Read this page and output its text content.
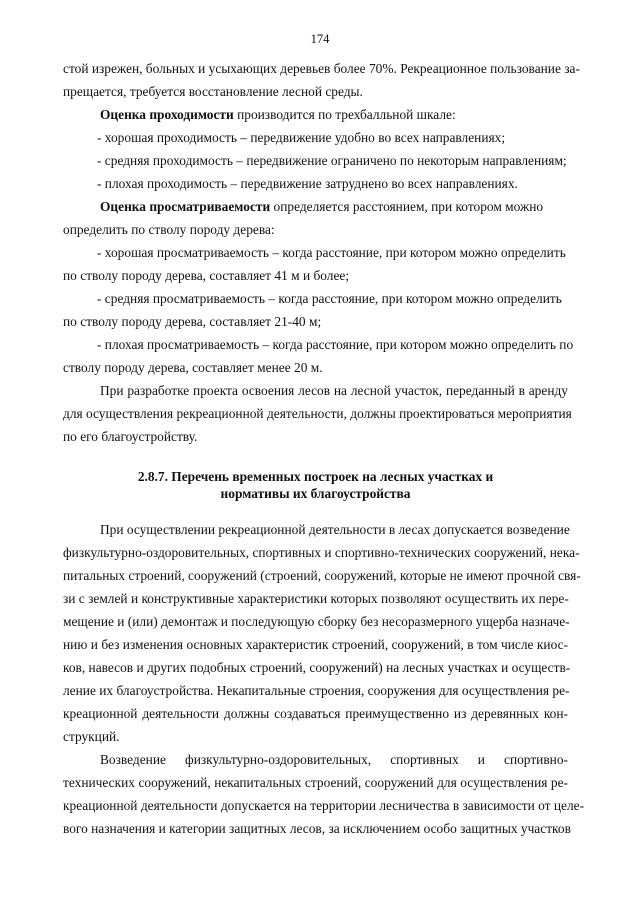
174
стой изрежен, больных и усыхающих деревьев более 70%. Рекреационное пользование за-
прещается, требуется восстановление лесной среды.
Оценка проходимости производится по трехбалльной шкале:
- хорошая проходимость – передвижение удобно во всех направлениях;
- средняя проходимость – передвижение ограничено по некоторым направлениям;
- плохая проходимость – передвижение затруднено во всех направлениях.
Оценка просматриваемости определяется расстоянием, при котором можно
определить по стволу породу дерева:
- хорошая просматриваемость – когда расстояние, при котором можно определить
по стволу породу дерева, составляет 41 м и более;
- средняя просматриваемость – когда расстояние, при котором можно определить
по стволу породу дерева, составляет 21-40 м;
- плохая просматриваемость – когда расстояние, при котором можно определить по
стволу породу дерева, составляет менее 20 м.
При разработке проекта освоения лесов на лесной участок, переданный в аренду
для осуществления рекреационной деятельности, должны проектироваться мероприятия
по его благоустройству.
2.8.7. Перечень временных построек на лесных участках и
нормативы их благоустройства
При осуществлении рекреационной деятельности в лесах допускается возведение
физкультурно-оздоровительных, спортивных и спортивно-технических сооружений, нека-
питальных строений, сооружений (строений, сооружений, которые не имеют прочной свя-
зи с землей и конструктивные характеристики которых позволяют осуществить их пере-
мещение и (или) демонтаж и последующую сборку без несоразмерного ущерба назначе-
нию и без изменения основных характеристик строений, сооружений, в том числе киос-
ков, навесов и других подобных строений, сооружений) на лесных участках и осуществ-
ление их благоустройства. Некапитальные строения, сооружения для осуществления ре-
креационной деятельности должны создаваться преимущественно из деревянных кон-
струкций.
Возведение физкультурно-оздоровительных, спортивных и спортивно-
технических сооружений, некапитальных строений, сооружений для осуществления ре-
креационной деятельности допускается на территории лесничества в зависимости от целе-
вого назначения и категории защитных лесов, за исключением особо защитных участков
